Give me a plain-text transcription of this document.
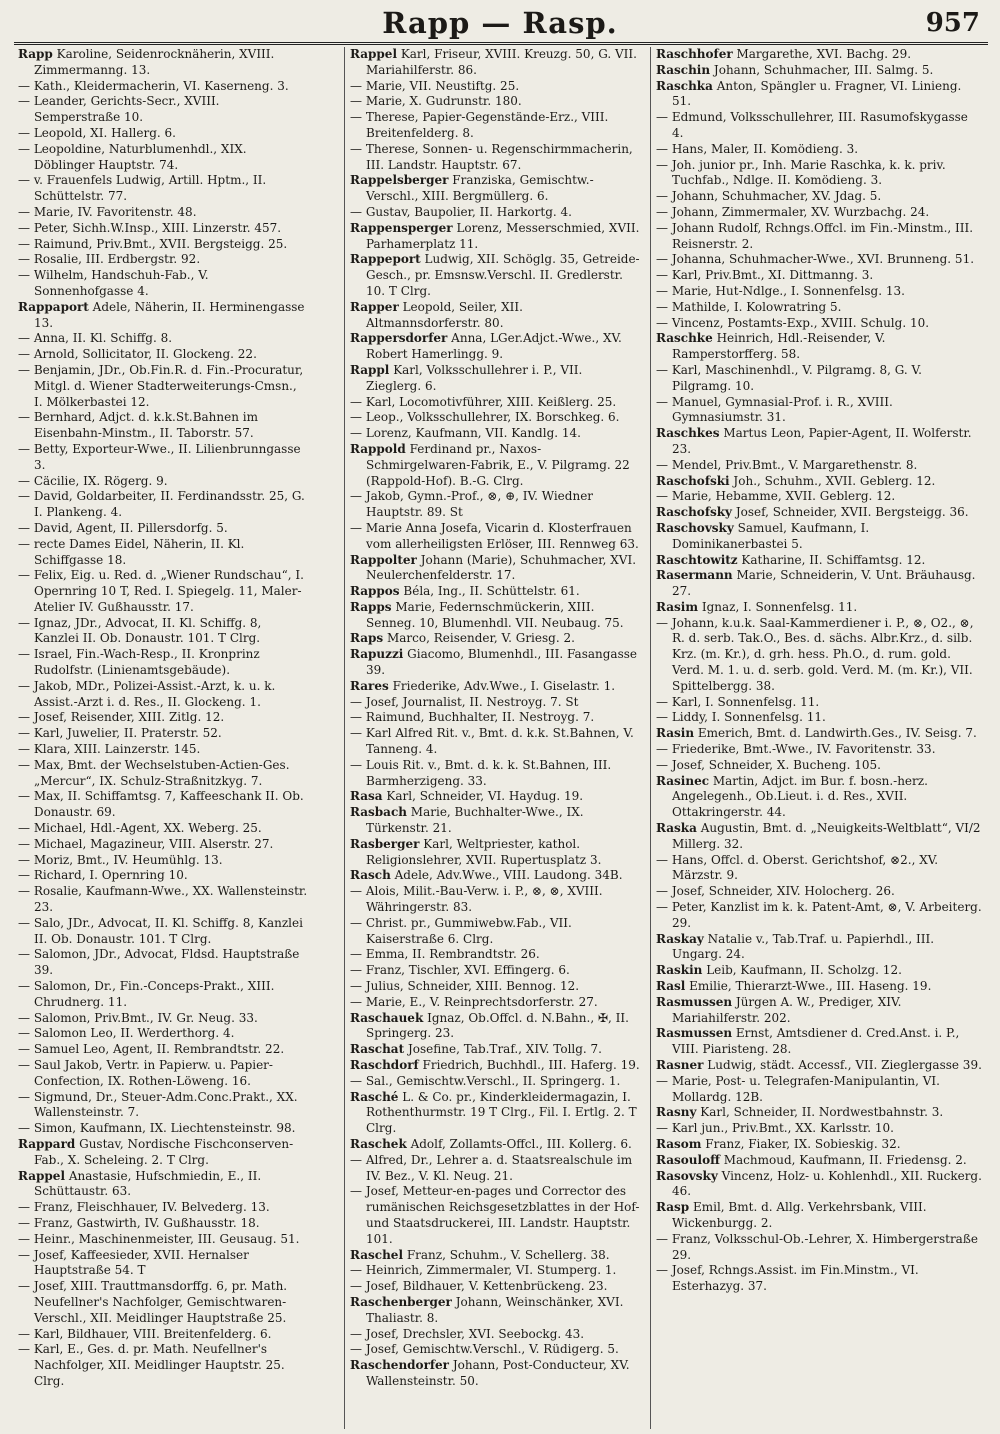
Rapp — Rasp.	957

Rapp Karoline, Seidenrocknäherin, XVIII. Zimmermanng. 13.

— Kath., Kleidermacherin, VI. Kaserneng. 3.

— Leander, Gerichts-Secr., XVIII. Semperstraße 10.

— Leopold, XI. Hallerg. 6.

— Leopoldine, Naturblumenhdl., XIX. Döblinger Hauptstr. 74.

— v. Frauenfels Ludwig, Artill. Hptm., II. Schüttelstr. 77.

— Marie, IV. Favoritenstr. 48.

— Peter, Sichh.W.Insp., XIII. Linzerstr. 457.

— Raimund, Priv.Bmt., XVII. Bergsteigg. 25.

— Rosalie, III. Erdbergstr. 92.

— Wilhelm, Handschuh-Fab., V. Sonnenhofgasse 4.

Rappaport Adele, Näherin, II. Herminengasse 13.

— Anna, II. Kl. Schiffg. 8.

— Arnold, Sollicitator, II. Glockeng. 22.

— Benjamin, JDr., Ob.Fin.R. d. Fin.-Procuratur, Mitgl. d. Wiener Stadterweiterungs-Cmsn., I. Mölkerbastei 12.

— Bernhard, Adjct. d. k.k.St.Bahnen im Eisenbahn-Minstm., II. Taborstr. 57.

— Betty, Exporteur-Wwe., II. Lilienbrunngasse 3.

— Cäcilie, IX. Rögerg. 9.

— David, Goldarbeiter, II. Ferdinandsstr. 25, G. I. Plankeng. 4.

— David, Agent, II. Pillersdorfg. 5.

— recte Dames Eidel, Näherin, II. Kl. Schiffgasse 18.

— Felix, Eig. u. Red. d. „Wiener Rundschau“, I. Opernring 10 T, Red. I. Spiegelg. 11, Maler-Atelier IV. Gußhausstr. 17.

— Ignaz, JDr., Advocat, II. Kl. Schiffg. 8, Kanzlei II. Ob. Donaustr. 101. T Clrg.

— Israel, Fin.-Wach-Resp., II. Kronprinz Rudolfstr. (Linienamtsgebäude).

— Jakob, MDr., Polizei-Assist.-Arzt, k. u. k. Assist.-Arzt i. d. Res., II. Glockeng. 1.

— Josef, Reisender, XIII. Zitlg. 12.

— Karl, Juwelier, II. Praterstr. 52.

— Klara, XIII. Lainzerstr. 145.

— Max, Bmt. der Wechselstuben-Actien-Ges. „Mercur“, IX. Schulz-Straßnitzkyg. 7.

— Max, II. Schiffamtsg. 7, Kaffeeschank II. Ob. Donaustr. 69.

— Michael, Hdl.-Agent, XX. Weberg. 25.

— Michael, Magazineur, VIII. Alserstr. 27.

— Moriz, Bmt., IV. Heumühlg. 13.

— Richard, I. Opernring 10.

— Rosalie, Kaufmann-Wwe., XX. Wallensteinstr. 23.

— Salo, JDr., Advocat, II. Kl. Schiffg. 8, Kanzlei II. Ob. Donaustr. 101. T Clrg.

— Salomon, JDr., Advocat, Fldsd. Hauptstraße 39.

— Salomon, Dr., Fin.-Conceps-Prakt., XIII. Chrudnerg. 11.

— Salomon, Priv.Bmt., IV. Gr. Neug. 33.

— Salomon Leo, II. Werderthorg. 4.

— Samuel Leo, Agent, II. Rembrandtstr. 22.

— Saul Jakob, Vertr. in Papierw. u. Papier-Confection, IX. Rothen-Löweng. 16.

— Sigmund, Dr., Steuer-Adm.Conc.Prakt., XX. Wallensteinstr. 7.

— Simon, Kaufmann, IX. Liechtensteinstr. 98.

Rappard Gustav, Nordische Fischconserven-Fab., X. Scheleing. 2. T Clrg.

Rappel Anastasie, Hufschmiedin, E., II. Schüttaustr. 63.

— Franz, Fleischhauer, IV. Belvederg. 13.

— Franz, Gastwirth, IV. Gußhausstr. 18.

— Heinr., Maschinenmeister, III. Geusaug. 51.

— Josef, Kaffeesieder, XVII. Hernalser Hauptstraße 54. T

— Josef, XIII. Trauttmansdorffg. 6, pr. Math. Neufellner's Nachfolger, Gemischtwaren-Verschl., XII. Meidlinger Hauptstraße 25.

— Karl, Bildhauer, VIII. Breitenfelderg. 6.

— Karl, E., Ges. d. pr. Math. Neufellner's Nachfolger, XII. Meidlinger Hauptstr. 25. Clrg.

Rappel Karl, Friseur, XVIII. Kreuzg. 50, G. VII. Mariahilferstr. 86.

— Marie, VII. Neustiftg. 25.

— Marie, X. Gudrunstr. 180.

— Therese, Papier-Gegenstände-Erz., VIII. Breitenfelderg. 8.

— Therese, Sonnen- u. Regenschirmmacherin, III. Landstr. Hauptstr. 67.

Rappelsberger Franziska, Gemischtw.-Verschl., XIII. Bergmüllerg. 6.

— Gustav, Baupolier, II. Harkortg. 4.

Rappensperger Lorenz, Messerschmied, XVII. Parhamerplatz 11.

Rappeport Ludwig, XII. Schöglg. 35, Getreide-Gesch., pr. Emsnsw.Verschl. II. Gredlerstr. 10. T Clrg.

Rapper Leopold, Seiler, XII. Altmannsdorferstr. 80.

Rappersdorfer Anna, LGer.Adjct.-Wwe., XV. Robert Hamerlingg. 9.

Rappl Karl, Volksschullehrer i. P., VII. Zieglerg. 6.

— Karl, Locomotivführer, XIII. Keißlerg. 25.

— Leop., Volksschullehrer, IX. Borschkeg. 6.

— Lorenz, Kaufmann, VII. Kandlg. 14.

Rappold Ferdinand pr., Naxos-Schmirgelwaren-Fabrik, E., V. Pilgramg. 22 (Rappold-Hof). B.-G. Clrg.

— Jakob, Gymn.-Prof., ⊗, ⊕, IV. Wiedner Hauptstr. 89. St

— Marie Anna Josefa, Vicarin d. Klosterfrauen vom allerheiligsten Erlöser, III. Rennweg 63.

Rappolter Johann (Marie), Schuhmacher, XVI. Neulerchenfelderstr. 17.

Rappos Béla, Ing., II. Schüttelstr. 61.

Rapps Marie, Federnschmückerin, XIII. Senneg. 10, Blumenhdl. VII. Neubaug. 75.

Raps Marco, Reisender, V. Griesg. 2.

Rapuzzi Giacomo, Blumenhdl., III. Fasangasse 39.

Rares Friederike, Adv.Wwe., I. Giselastr. 1.

— Josef, Journalist, II. Nestroyg. 7. St

— Raimund, Buchhalter, II. Nestroyg. 7.

— Karl Alfred Rit. v., Bmt. d. k.k. St.Bahnen, V. Tanneng. 4.

— Louis Rit. v., Bmt. d. k. k. St.Bahnen, III. Barmherzigeng. 33.

Rasa Karl, Schneider, VI. Haydug. 19.

Rasbach Marie, Buchhalter-Wwe., IX. Türkenstr. 21.

Rasberger Karl, Weltpriester, kathol. Religionslehrer, XVII. Rupertusplatz 3.

Rasch Adele, Adv.Wwe., VIII. Laudong. 34B.

— Alois, Milit.-Bau-Verw. i. P., ⊗, ⊗, XVIII. Währingerstr. 83.

— Christ. pr., Gummiwebw.Fab., VII. Kaiserstraße 6. Clrg.

— Emma, II. Rembrandtstr. 26.

— Franz, Tischler, XVI. Effingerg. 6.

— Julius, Schneider, XIII. Bennog. 12.

— Marie, E., V. Reinprechtsdorferstr. 27.

Raschauek Ignaz, Ob.Offcl. d. N.Bahn., ✠, II. Springerg. 23.

Raschat Josefine, Tab.Traf., XIV. Tollg. 7.

Raschdorf Friedrich, Buchhdl., III. Haferg. 19.

— Sal., Gemischtw.Verschl., II. Springerg. 1.

Rasché L. & Co. pr., Kinderkleidermagazin, I. Rothenthurmstr. 19 T Clrg., Fil. I. Ertlg. 2. T Clrg.

Raschek Adolf, Zollamts-Offcl., III. Kollerg. 6.

— Alfred, Dr., Lehrer a. d. Staatsrealschule im IV. Bez., V. Kl. Neug. 21.

— Josef, Metteur-en-pages und Corrector des rumänischen Reichsgesetzblattes in der Hof- und Staatsdruckerei, III. Landstr. Hauptstr. 101.

Raschel Franz, Schuhm., V. Schellerg. 38.

— Heinrich, Zimmermaler, VI. Stumperg. 1.

— Josef, Bildhauer, V. Kettenbrückeng. 23.

Raschenberger Johann, Weinschänker, XVI. Thaliastr. 8.

— Josef, Drechsler, XVI. Seebockg. 43.

— Josef, Gemischtw.Verschl., V. Rüdigerg. 5.

Raschendorfer Johann, Post-Conducteur, XV. Wallensteinstr. 50.

Raschhofer Margarethe, XVI. Bachg. 29.

Raschin Johann, Schuhmacher, III. Salmg. 5.

Raschka Anton, Spängler u. Fragner, VI. Linieng. 51.

— Edmund, Volksschullehrer, III. Rasumofskygasse 4.

— Hans, Maler, II. Komödieng. 3.

— Joh. junior pr., Inh. Marie Raschka, k. k. priv. Tuchfab., Ndlge. II. Komödieng. 3.

— Johann, Schuhmacher, XV. Jdag. 5.

— Johann, Zimmermaler, XV. Wurzbachg. 24.

— Johann Rudolf, Rchngs.Offcl. im Fin.-Minstm., III. Reisnerstr. 2.

— Johanna, Schuhmacher-Wwe., XVI. Brunneng. 51.

— Karl, Priv.Bmt., XI. Dittmanng. 3.

— Marie, Hut-Ndlge., I. Sonnenfelsg. 13.

— Mathilde, I. Kolowratring 5.

— Vincenz, Postamts-Exp., XVIII. Schulg. 10.

Raschke Heinrich, Hdl.-Reisender, V. Ramperstorfferg. 58.

— Karl, Maschinenhdl., V. Pilgramg. 8, G. V. Pilgramg. 10.

— Manuel, Gymnasial-Prof. i. R., XVIII. Gymnasiumstr. 31.

Raschkes Martus Leon, Papier-Agent, II. Wolferstr. 23.

— Mendel, Priv.Bmt., V. Margarethenstr. 8.

Raschofski Joh., Schuhm., XVII. Geblerg. 12.

— Marie, Hebamme, XVII. Geblerg. 12.

Raschofsky Josef, Schneider, XVII. Bergsteigg. 36.

Raschovsky Samuel, Kaufmann, I. Dominikanerbastei 5.

Raschtowitz Katharine, II. Schiffamtsg. 12.

Rasermann Marie, Schneiderin, V. Unt. Bräuhausg. 27.

Rasim Ignaz, I. Sonnenfelsg. 11.

— Johann, k.u.k. Saal-Kammerdiener i. P., ⊗, O2., ⊗, R. d. serb. Tak.O., Bes. d. sächs. Albr.Krz., d. silb. Krz. (m. Kr.), d. grh. hess. Ph.O., d. rum. gold. Verd. M. 1. u. d. serb. gold. Verd. M. (m. Kr.), VII. Spittelbergg. 38.

— Karl, I. Sonnenfelsg. 11.

— Liddy, I. Sonnenfelsg. 11.

Rasin Emerich, Bmt. d. Landwirth.Ges., IV. Seisg. 7.

— Friederike, Bmt.-Wwe., IV. Favoritenstr. 33.

— Josef, Schneider, X. Bucheng. 105.

Rasinec Martin, Adjct. im Bur. f. bosn.-herz. Angelegenh., Ob.Lieut. i. d. Res., XVII. Ottakringerstr. 44.

Raska Augustin, Bmt. d. „Neuigkeits-Weltblatt“, VI/2 Millerg. 32.

— Hans, Offcl. d. Oberst. Gerichtshof, ⊗2., XV. Märzstr. 9.

— Josef, Schneider, XIV. Holocherg. 26.

— Peter, Kanzlist im k. k. Patent-Amt, ⊗, V. Arbeiterg. 29.

Raskay Natalie v., Tab.Traf. u. Papierhdl., III. Ungarg. 24.

Raskin Leib, Kaufmann, II. Scholzg. 12.

Rasl Emilie, Thierarzt-Wwe., III. Haseng. 19.

Rasmussen Jürgen A. W., Prediger, XIV. Mariahilferstr. 202.

Rasmussen Ernst, Amtsdiener d. Cred.Anst. i. P., VIII. Piaristeng. 28.

Rasner Ludwig, städt. Accessf., VII. Zieglergasse 39.

— Marie, Post- u. Telegrafen-Manipulantin, VI. Mollardg. 12B.

Rasny Karl, Schneider, II. Nordwestbahnstr. 3.

— Karl jun., Priv.Bmt., XX. Karlsstr. 10.

Rasom Franz, Fiaker, IX. Sobieskig. 32.

Rasouloff Machmoud, Kaufmann, II. Friedensg. 2.

Rasovsky Vincenz, Holz- u. Kohlenhdl., XII. Ruckerg. 46.

Rasp Emil, Bmt. d. Allg. Verkehrsbank, VIII. Wickenburgg. 2.

— Franz, Volksschul-Ob.-Lehrer, X. Himbergerstraße 29.

— Josef, Rchngs.Assist. im Fin.Minstm., VI. Esterhazyg. 37.
